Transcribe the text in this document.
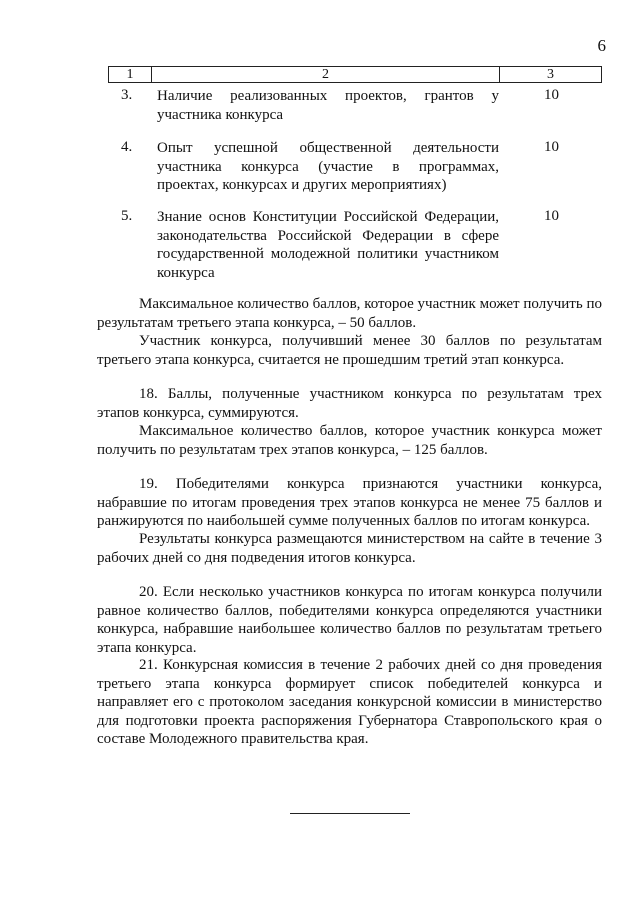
6
1	2	3
3. Наличие реализованных проектов, грантов у участника конкурса
10
4. Опыт успешной общественной деятельности участника конкурса (участие в программах, проектах, конкурсах и других мероприятиях)
10
5. Знание основ Конституции Российской Федерации, законодательства Российской Федерации в сфере государственной молодежной политики участником конкурса
10

Максимальное количество баллов, которое участник может получить по результатам третьего этапа конкурса, – 50 баллов.

Участник конкурса, получивший менее 30 баллов по результатам третьего этапа конкурса, считается не прошедшим третий этап конкурса.

18. Баллы, полученные участником конкурса по результатам трех этапов конкурса, суммируются.

Максимальное количество баллов, которое участник конкурса может получить по результатам трех этапов конкурса, – 125 баллов.

19. Победителями конкурса признаются участники конкурса, набравшие по итогам проведения трех этапов конкурса не менее 75 баллов и ранжируются по наибольшей сумме полученных баллов по итогам конкурса.

Результаты конкурса размещаются министерством на сайте в течение 3 рабочих дней со дня подведения итогов конкурса.

20. Если несколько участников конкурса по итогам конкурса получили равное количество баллов, победителями конкурса определяются участники конкурса, набравшие наибольшее количество баллов по результатам третьего этапа конкурса.

21. Конкурсная комиссия в течение 2 рабочих дней со дня проведения третьего этапа конкурса формирует список победителей конкурса и направляет его с протоколом заседания конкурсной комиссии в министерство для подготовки проекта распоряжения Губернатора Ставропольского края о составе Молодежного правительства края.
